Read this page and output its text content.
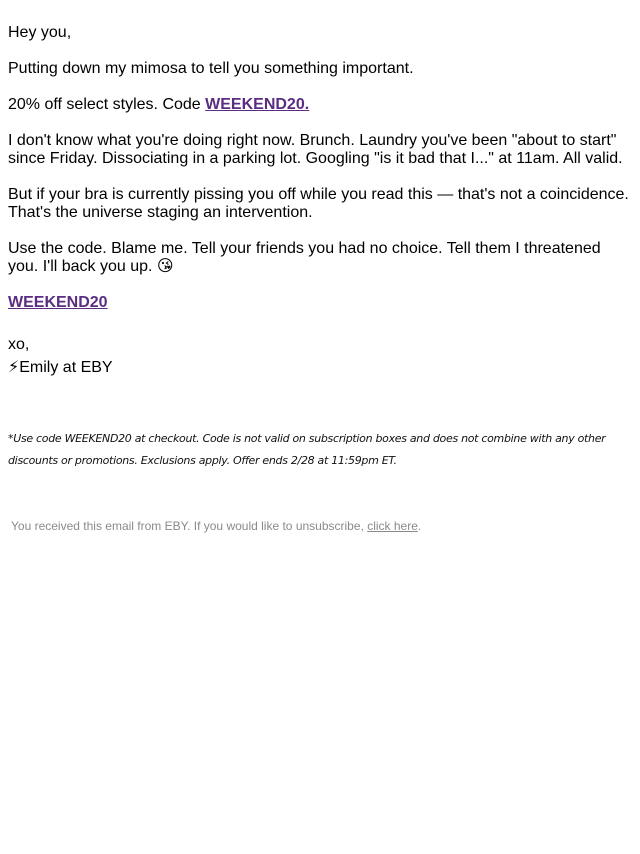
Hey you,

Putting down my mimosa to tell you something important.

20% off select styles. Code WEEKEND20.

I don't know what you're doing right now. Brunch. Laundry you've been "about to start" since Friday. Dissociating in a parking lot. Googling "is it bad that I..." at 11am. All valid.

But if your bra is currently pissing you off while you read this — that's not a coincidence. That's the universe staging an intervention.

Use the code. Blame me. Tell your friends you had no choice. Tell them I threatened you. I'll back you up. 😘

WEEKEND20

xo,

⚡Emily at EBY

*Use code WEEKEND20 at checkout. Code is not valid on subscription boxes and does not combine with any other discounts or promotions. Exclusions apply. Offer ends 2/28 at 11:59pm ET.
You received this email from EBY. If you would like to unsubscribe, click here.
